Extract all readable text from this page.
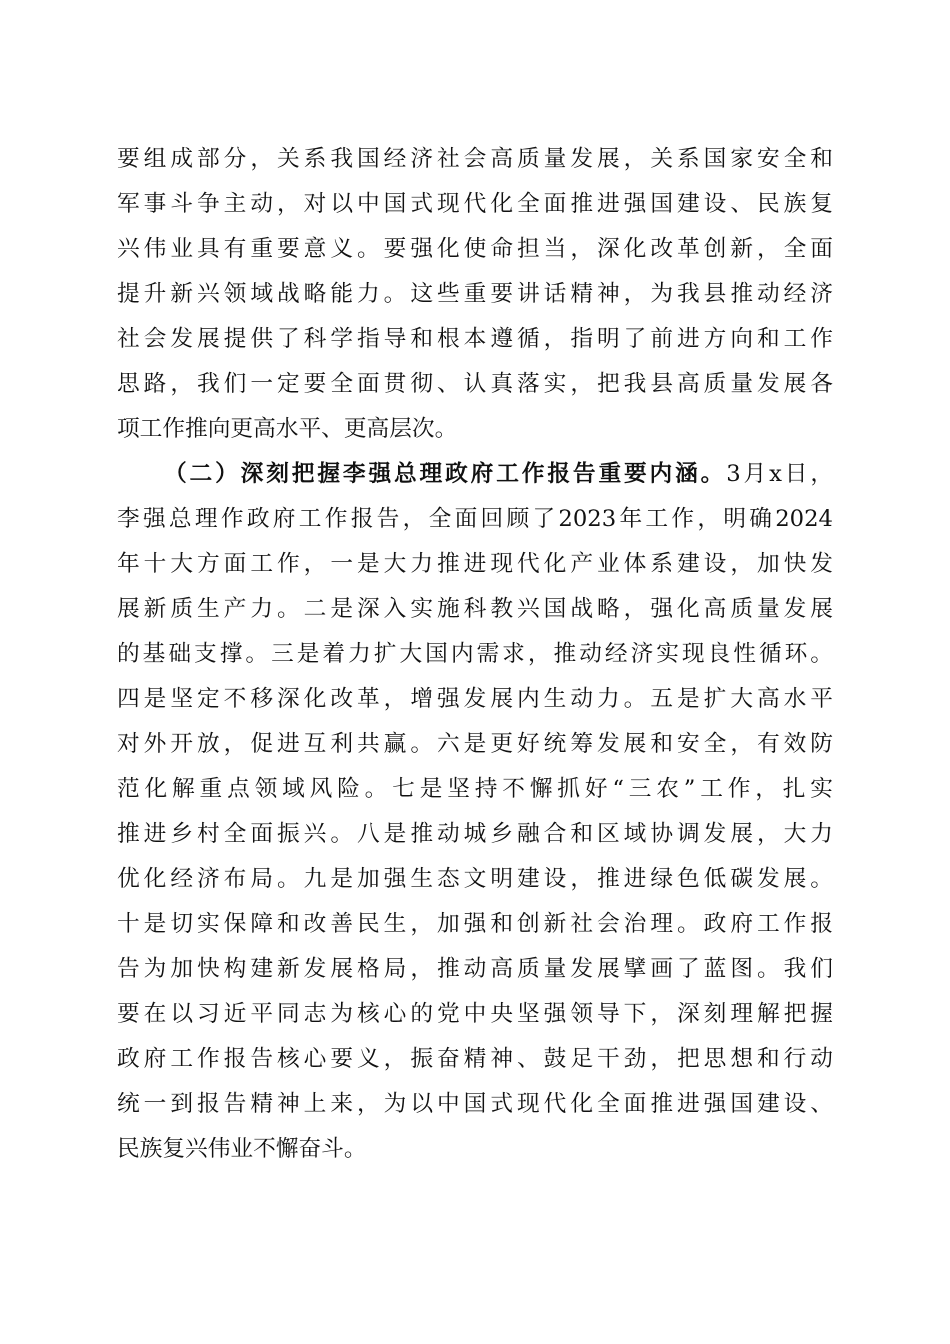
要组成部分，关系我国经济社会高质量发展，关系国家安全和
军事斗争主动，对以中国式现代化全面推进强国建设、民族复
兴伟业具有重要意义。要强化使命担当，深化改革创新，全面
提升新兴领域战略能力。这些重要讲话精神，为我县推动经济
社会发展提供了科学指导和根本遵循，指明了前进方向和工作
思路，我们一定要全面贯彻、认真落实，把我县高质量发展各
项工作推向更高水平、更高层次。
（二）深刻把握李强总理政府工作报告重要内涵。3月x日，
李强总理作政府工作报告，全面回顾了2023年工作，明确2024
年十大方面工作，一是大力推进现代化产业体系建设，加快发
展新质生产力。二是深入实施科教兴国战略，强化高质量发展
的基础支撑。三是着力扩大国内需求，推动经济实现良性循环。
四是坚定不移深化改革，增强发展内生动力。五是扩大高水平
对外开放，促进互利共赢。六是更好统筹发展和安全，有效防
范化解重点领域风险。七是坚持不懈抓好“三农”工作，扎实
推进乡村全面振兴。八是推动城乡融合和区域协调发展，大力
优化经济布局。九是加强生态文明建设，推进绿色低碳发展。
十是切实保障和改善民生，加强和创新社会治理。政府工作报
告为加快构建新发展格局，推动高质量发展擘画了蓝图。我们
要在以习近平同志为核心的党中央坚强领导下，深刻理解把握
政府工作报告核心要义，振奋精神、鼓足干劲，把思想和行动
统一到报告精神上来，为以中国式现代化全面推进强国建设、
民族复兴伟业不懈奋斗。
